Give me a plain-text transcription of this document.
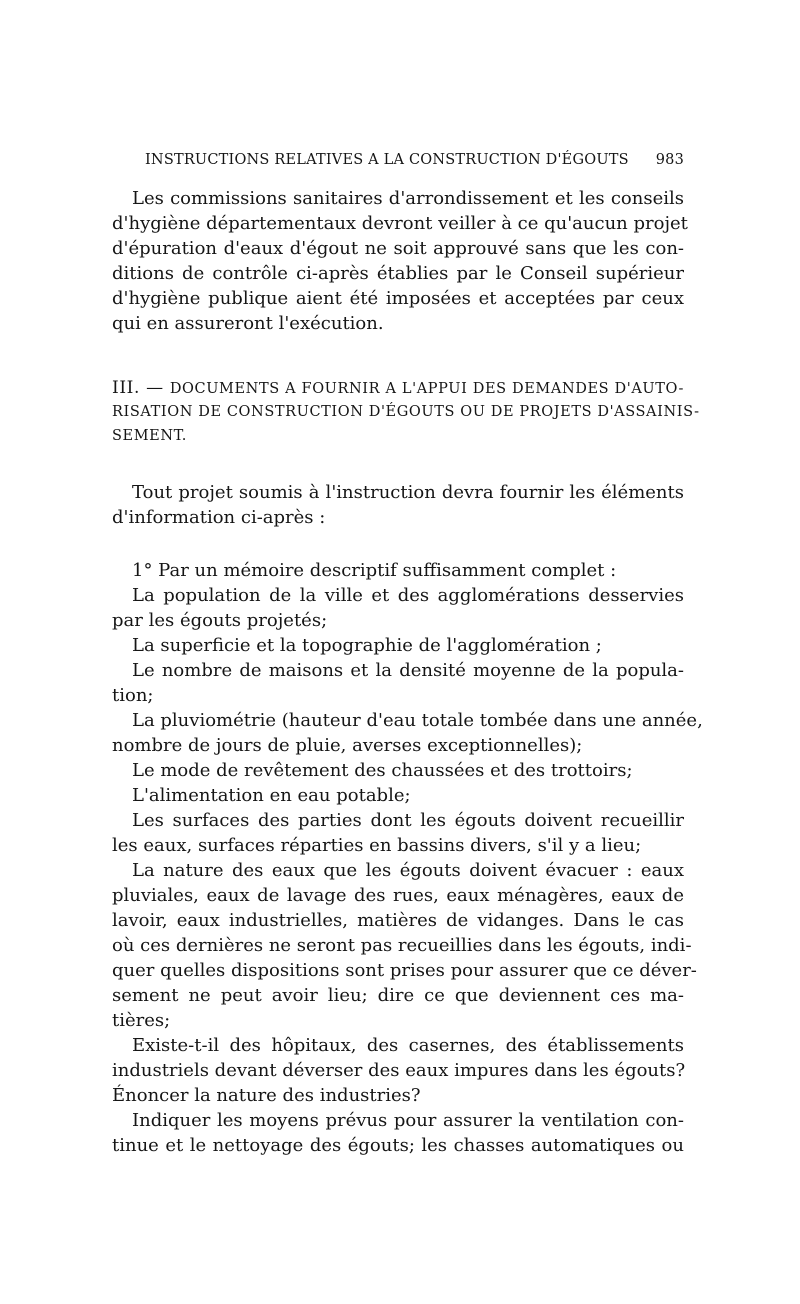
INSTRUCTIONS RELATIVES A LA CONSTRUCTION D'ÉGOUTS 983
Les commissions sanitaires d'arrondissement et les conseils
d'hygiène départementaux devront veiller à ce qu'aucun projet
d'épuration d'eaux d'égout ne soit approuvé sans que les con-
ditions de contrôle ci-après établies par le Conseil supérieur
d'hygiène publique aient été imposées et acceptées par ceux
qui en assureront l'exécution.
III. — DOCUMENTS A FOURNIR A L'APPUI DES DEMANDES D'AUTO-
RISATION DE CONSTRUCTION D'ÉGOUTS OU DE PROJETS D'ASSAINIS-
SEMENT.
Tout projet soumis à l'instruction devra fournir les éléments
d'information ci-après :
1° Par un mémoire descriptif suffisamment complet :
La population de la ville et des agglomérations desservies
par les égouts projetés;
La superficie et la topographie de l'agglomération ;
Le nombre de maisons et la densité moyenne de la popula-
tion;
La pluviométrie (hauteur d'eau totale tombée dans une année,
nombre de jours de pluie, averses exceptionnelles);
Le mode de revêtement des chaussées et des trottoirs;
L'alimentation en eau potable;
Les surfaces des parties dont les égouts doivent recueillir
les eaux, surfaces réparties en bassins divers, s'il y a lieu;
La nature des eaux que les égouts doivent évacuer : eaux
pluviales, eaux de lavage des rues, eaux ménagères, eaux de
lavoir, eaux industrielles, matières de vidanges. Dans le cas
où ces dernières ne seront pas recueillies dans les égouts, indi-
quer quelles dispositions sont prises pour assurer que ce déver-
sement ne peut avoir lieu; dire ce que deviennent ces ma-
tières;
Existe-t-il des hôpitaux, des casernes, des établissements
industriels devant déverser des eaux impures dans les égouts?
Énoncer la nature des industries?
Indiquer les moyens prévus pour assurer la ventilation con-
tinue et le nettoyage des égouts; les chasses automatiques ou
